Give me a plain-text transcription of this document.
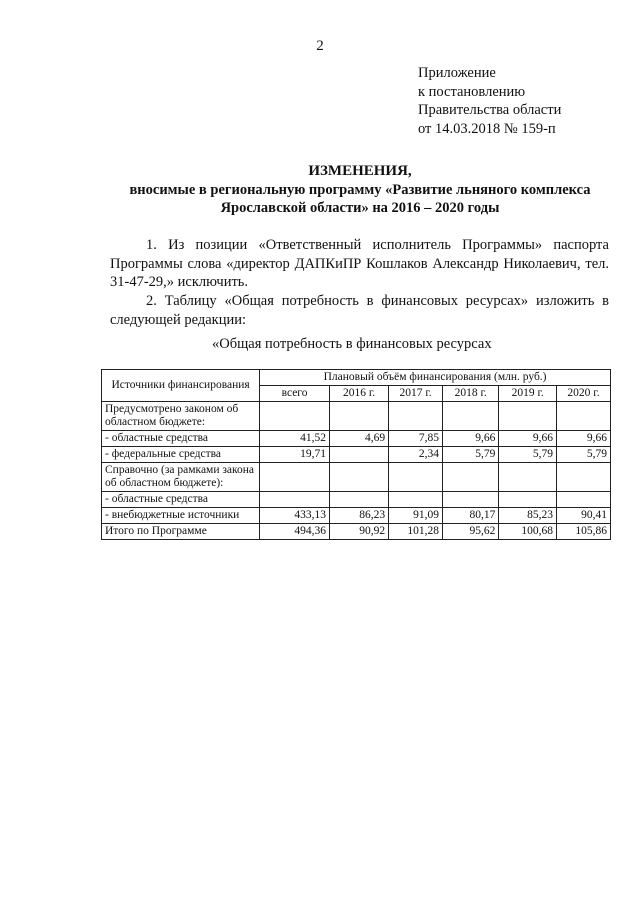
2
Приложение
к постановлению
Правительства области
от 14.03.2018 № 159-п
ИЗМЕНЕНИЯ,
вносимые в региональную программу «Развитие льняного комплекса
Ярославской области» на 2016 – 2020 годы
1. Из позиции «Ответственный исполнитель Программы» паспорта
Программы слова «директор ДАПКиПР Кошлаков Александр Николаевич, тел. 31-47-29,» исключить.
2. Таблицу «Общая потребность в финансовых ресурсах» изложить в
следующей редакции:
«Общая потребность в финансовых ресурсах
Источники финансирования	Плановый объём финансирования (млн. руб.)					
	всего	2016 г.	2017 г.	2018 г.	2019 г.	2020 г.
Предусмотрено законом об областном бюджете:						
- областные средства	41,52	4,69	7,85	9,66	9,66	9,66
- федеральные средства	19,71		2,34	5,79	5,79	5,79
Справочно (за рамками закона об областном бюджете):						
- областные средства						
- внебюджетные источники	433,13	86,23	91,09	80,17	85,23	90,41
Итого по Программе	494,36	90,92	101,28	95,62	100,68	105,86
